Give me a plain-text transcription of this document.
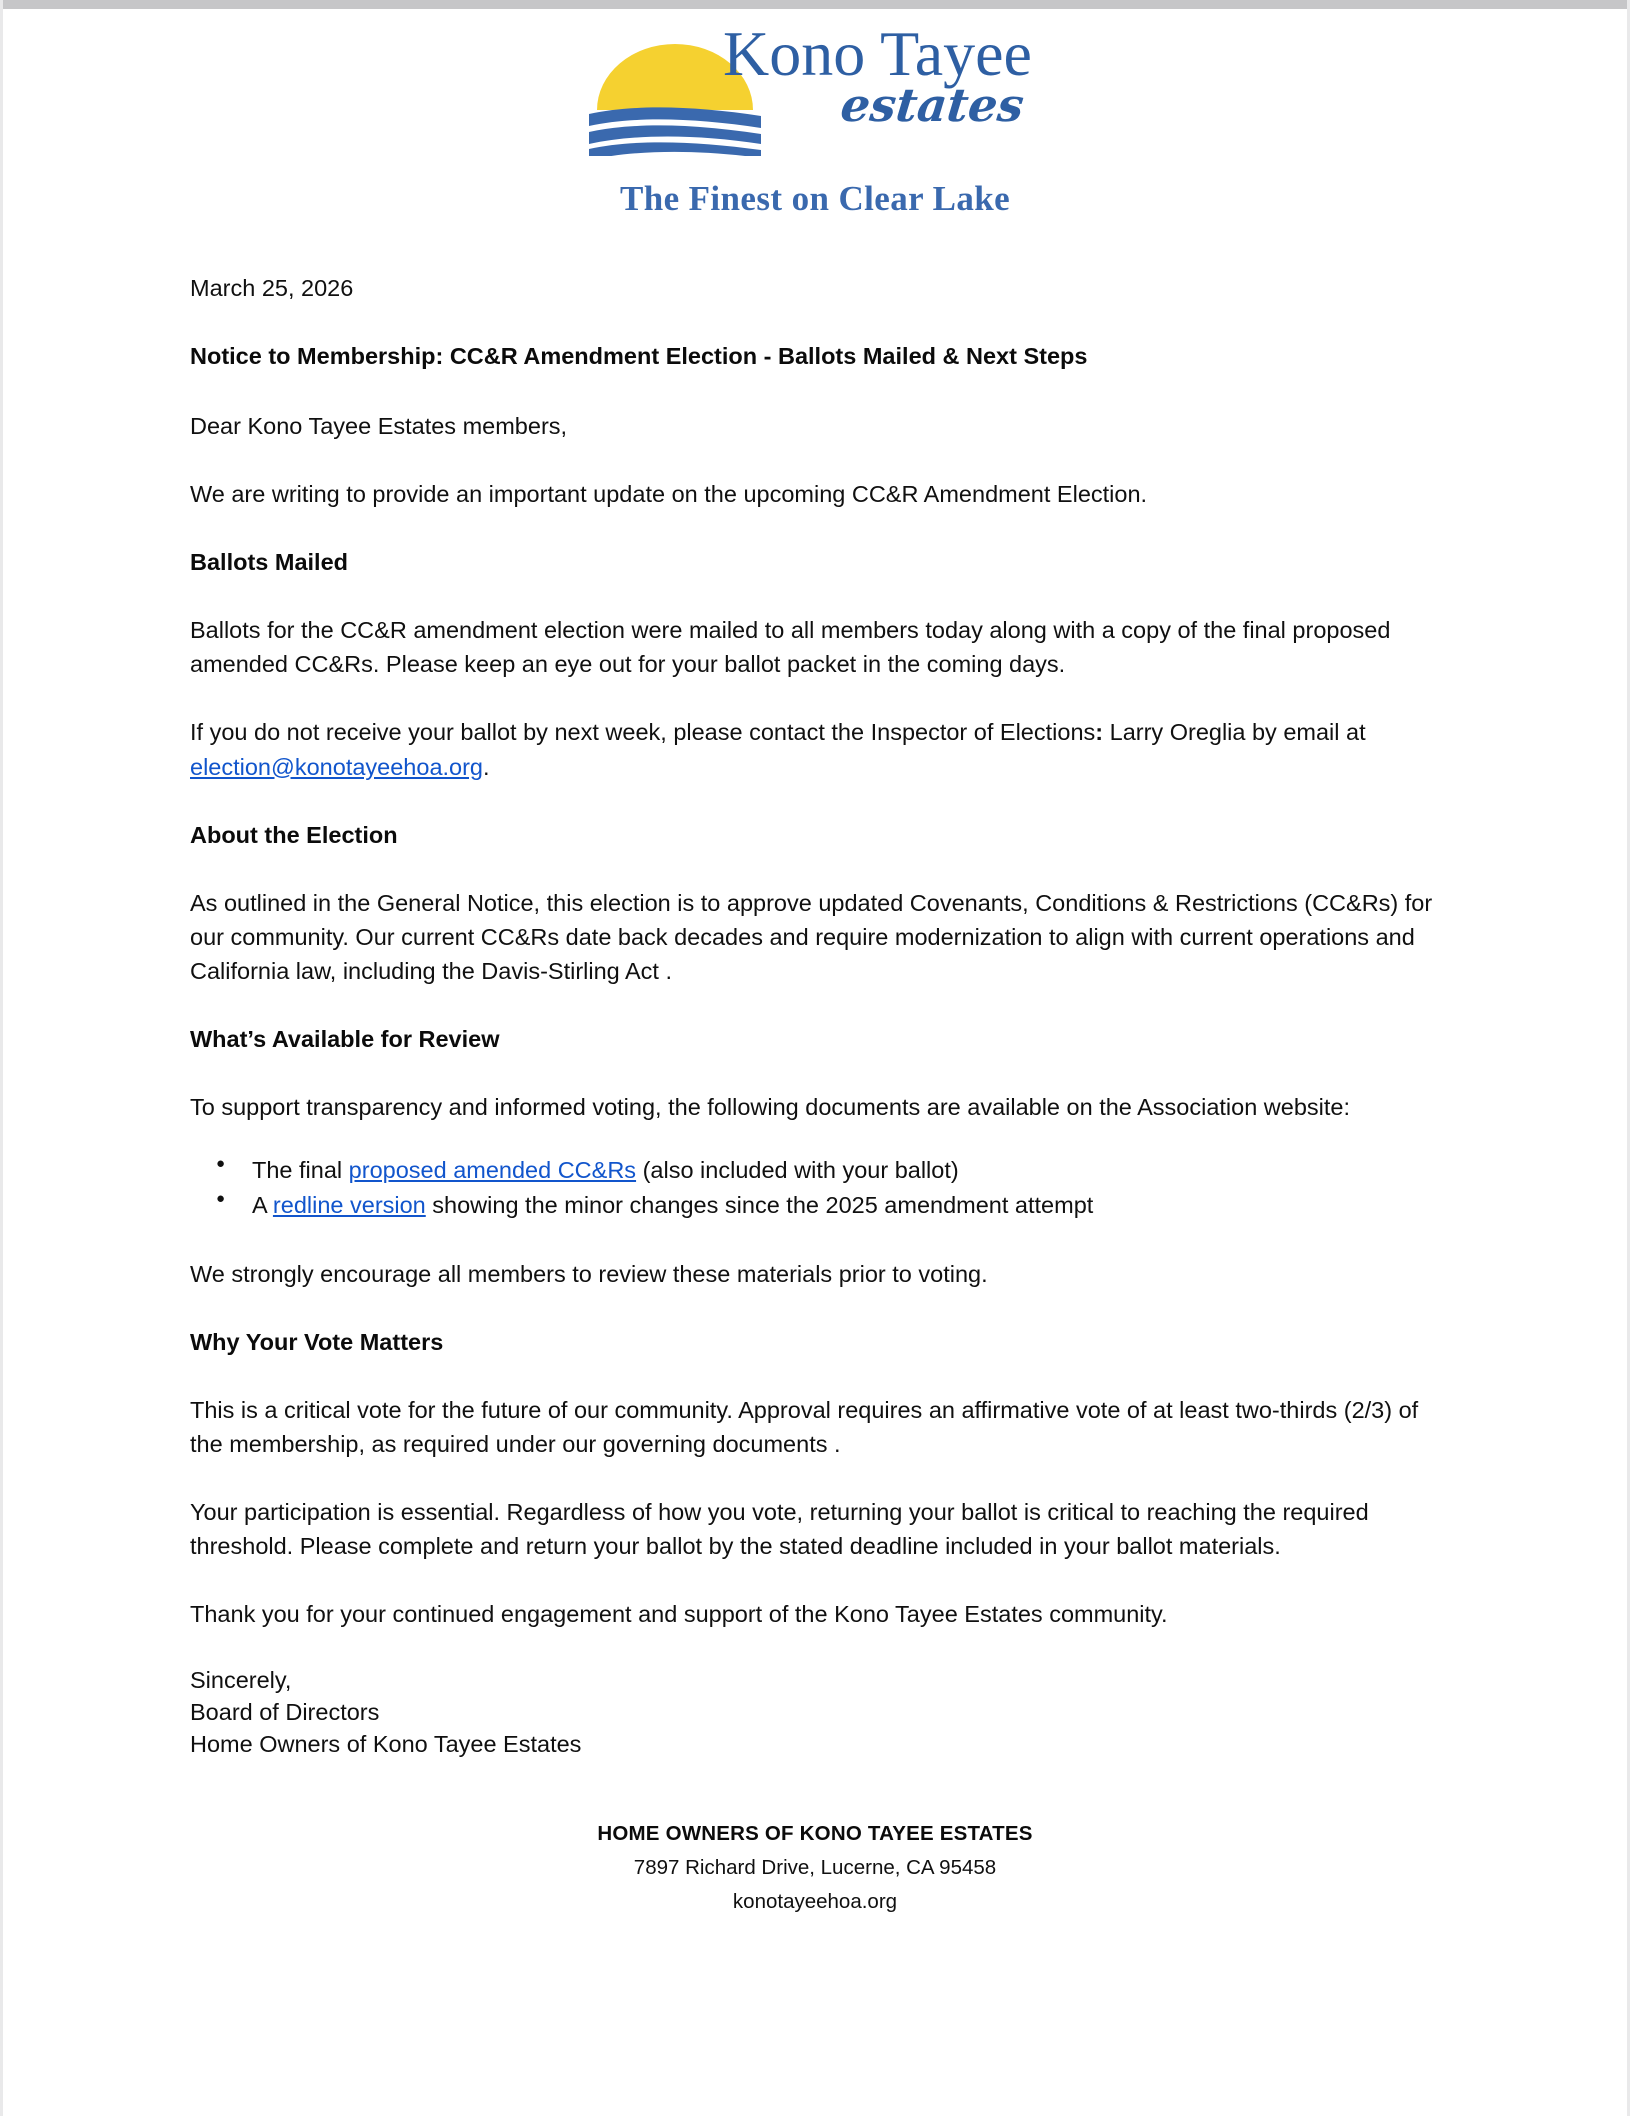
Kono Tayee
estates
The Finest on Clear Lake

March 25, 2026

Notice to Membership: CC&R Amendment Election - Ballots Mailed & Next Steps

Dear Kono Tayee Estates members,

We are writing to provide an important update on the upcoming CC&R Amendment Election.

Ballots Mailed

Ballots for the CC&R amendment election were mailed to all members today along with a copy of the final proposed amended CC&Rs. Please keep an eye out for your ballot packet in the coming days.

If you do not receive your ballot by next week, please contact the Inspector of Elections: Larry Oreglia by email at election@konotayeehoa.org.

About the Election

As outlined in the General Notice, this election is to approve updated Covenants, Conditions & Restrictions (CC&Rs) for our community. Our current CC&Rs date back decades and require modernization to align with current operations and California law, including the Davis-Stirling Act .

What’s Available for Review

To support transparency and informed voting, the following documents are available on the Association website:

● The final proposed amended CC&Rs (also included with your ballot)
● A redline version showing the minor changes since the 2025 amendment attempt

We strongly encourage all members to review these materials prior to voting.

Why Your Vote Matters

This is a critical vote for the future of our community. Approval requires an affirmative vote of at least two-thirds (2/3) of the membership, as required under our governing documents .

Your participation is essential. Regardless of how you vote, returning your ballot is critical to reaching the required threshold. Please complete and return your ballot by the stated deadline included in your ballot materials.

Thank you for your continued engagement and support of the Kono Tayee Estates community.

Sincerely,

Board of Directors

Home Owners of Kono Tayee Estates

HOME OWNERS OF KONO TAYEE ESTATES
7897 Richard Drive, Lucerne, CA 95458
konotayeehoa.org
